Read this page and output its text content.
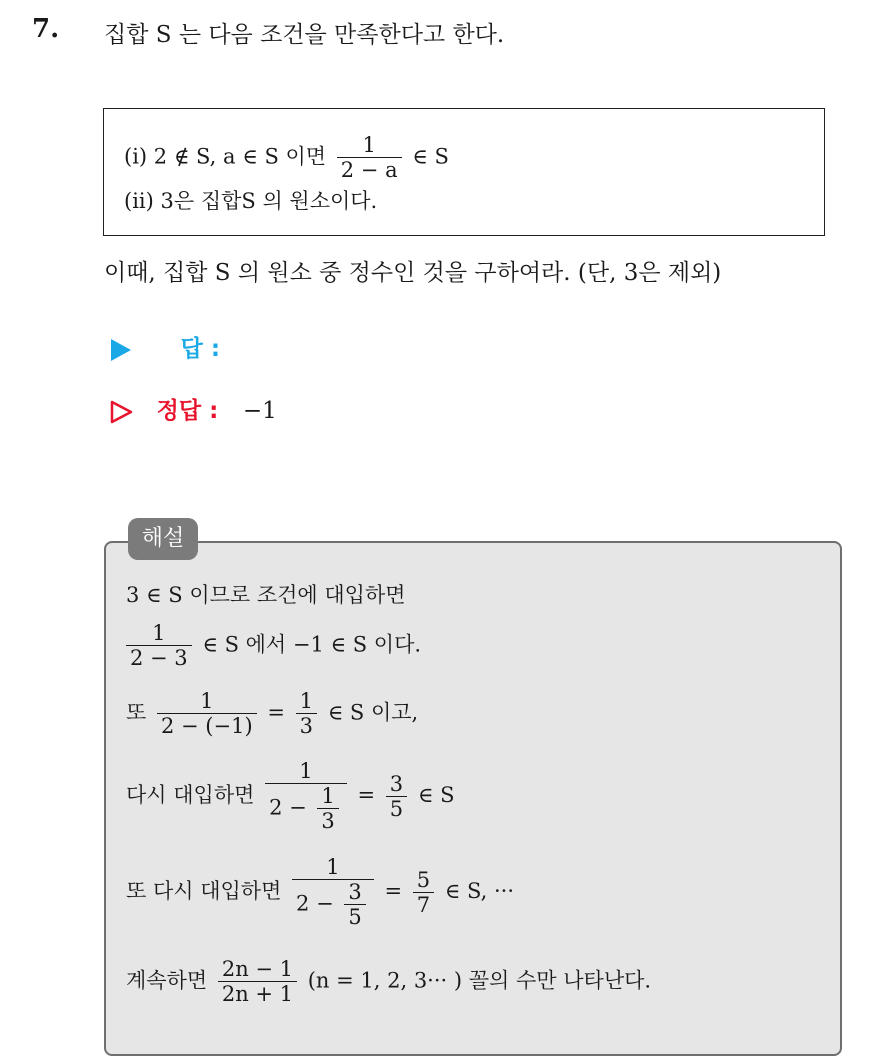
7. 집합 S 는 다음 조건을 만족한다고 한다.
(i) 2 ∉ S, a ∈ S 이면 $\frac{1}{2 - a}$ ∈ S
(ii) 3은 집합S 의 원소이다.
이때, 집합 S 의 원소 중 정수인 것을 구하여라. (단, 3은 제외)
답 :
정답 : −1
3 ∈ S 이므로 조건에 대입하면
$\frac{1}{2 - 3}$ ∈ S 에서 −1 ∈ S 이다.
또 $\frac{1}{2 - (-1)} = \frac{1}{3}$ ∈ S 이고,
다시 대입하면 $\frac{1}{2 - \frac{1}{3}} = \frac{3}{5}$ ∈ S
또 다시 대입하면 $\frac{1}{2 - \frac{3}{5}} = \frac{5}{7}$ ∈ S, ···
계속하면 $\frac{2n - 1}{2n + 1} (n = 1$, 2, 3··· ) 꼴의 수만 나타난다.
해설
